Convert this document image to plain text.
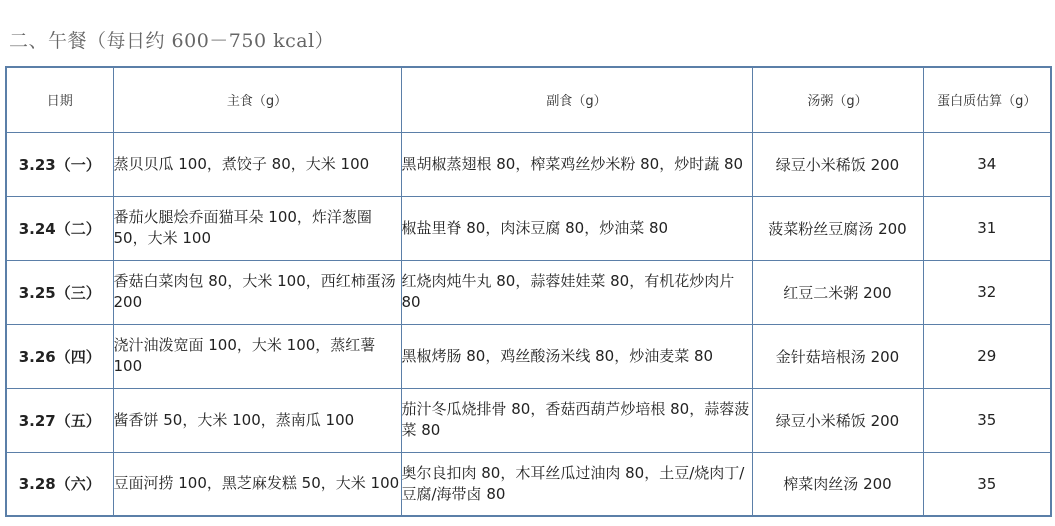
二、午餐（每日约 600－750 kcal）
日期	主食（g）	副食（g）	汤粥（g）	蛋白质估算（g）
3.23（一）	蒸贝贝瓜 100，煮饺子 80，大米 100	黑胡椒蒸翅根 80，榨菜鸡丝炒米粉 80，炒时蔬 80	绿豆小米稀饭 200	34
3.24（二）	番茄火腿烩乔面猫耳朵 100，炸洋葱圈 50，大米 100	椒盐里脊 80，肉沫豆腐 80，炒油菜 80	菠菜粉丝豆腐汤 200	31
3.25（三）	香菇白菜肉包 80，大米 100，西红柿蛋汤 200	红烧肉炖牛丸 80，蒜蓉娃娃菜 80，有机花炒肉片 80	红豆二米粥 200	32
3.26（四）	浇汁油泼宽面 100，大米 100，蒸红薯 100	黑椒烤肠 80，鸡丝酸汤米线 80，炒油麦菜 80	金针菇培根汤 200	29
3.27（五）	酱香饼 50，大米 100，蒸南瓜 100	茄汁冬瓜烧排骨 80，香菇西葫芦炒培根 80，蒜蓉菠菜 80	绿豆小米稀饭 200	35
3.28（六）	豆面河捞 100，黑芝麻发糕 50，大米 100	奥尔良扣肉 80，木耳丝瓜过油肉 80，土豆/烧肉丁/豆腐/海带卤 80	榨菜肉丝汤 200	35
